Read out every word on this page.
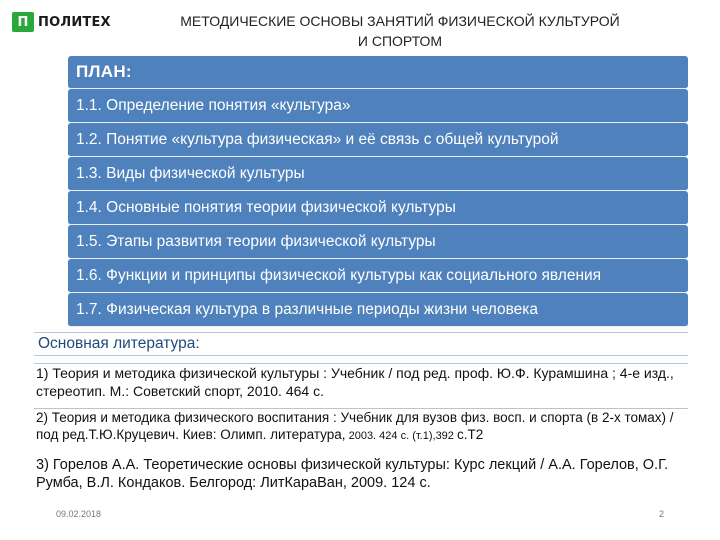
П ПОЛИТЕХ	МЕТОДИЧЕСКИЕ ОСНОВЫ ЗАНЯТИЙ ФИЗИЧЕСКОЙ КУЛЬТУРОЙ
И СПОРТОМ
ПЛАН:
1.1. Определение понятия «культура»
1.2. Понятие «культура физическая» и её связь с общей культурой
1.3. Виды физической культуры
1.4. Основные понятия теории физической культуры
1.5. Этапы развития теории физической культуры
1.6. Функции и принципы физической культуры как социального явления
1.7. Физическая культура в различные периоды жизни человека
Основная литература:
1) Теория и методика физической культуры : Учебник / под ред. проф. Ю.Ф. Курамшина ; 4-е изд., стереотип. М.: Советский спорт, 2010. 464 с.
2) Теория и методика физического воспитания : Учебник для вузов физ. восп. и спорта (в 2-х томах) /под ред.Т.Ю.Круцевич. Киев: Олимп. литература, 2003. 424 с. (т.1),392 с.Т2
3) Горелов А.А. Теоретические основы физической культуры: Курс лекций / А.А. Горелов, О.Г. Румба, В.Л. Кондаков. Белгород: ЛитКараВан, 2009. 124 с.
09.02.2018	2
